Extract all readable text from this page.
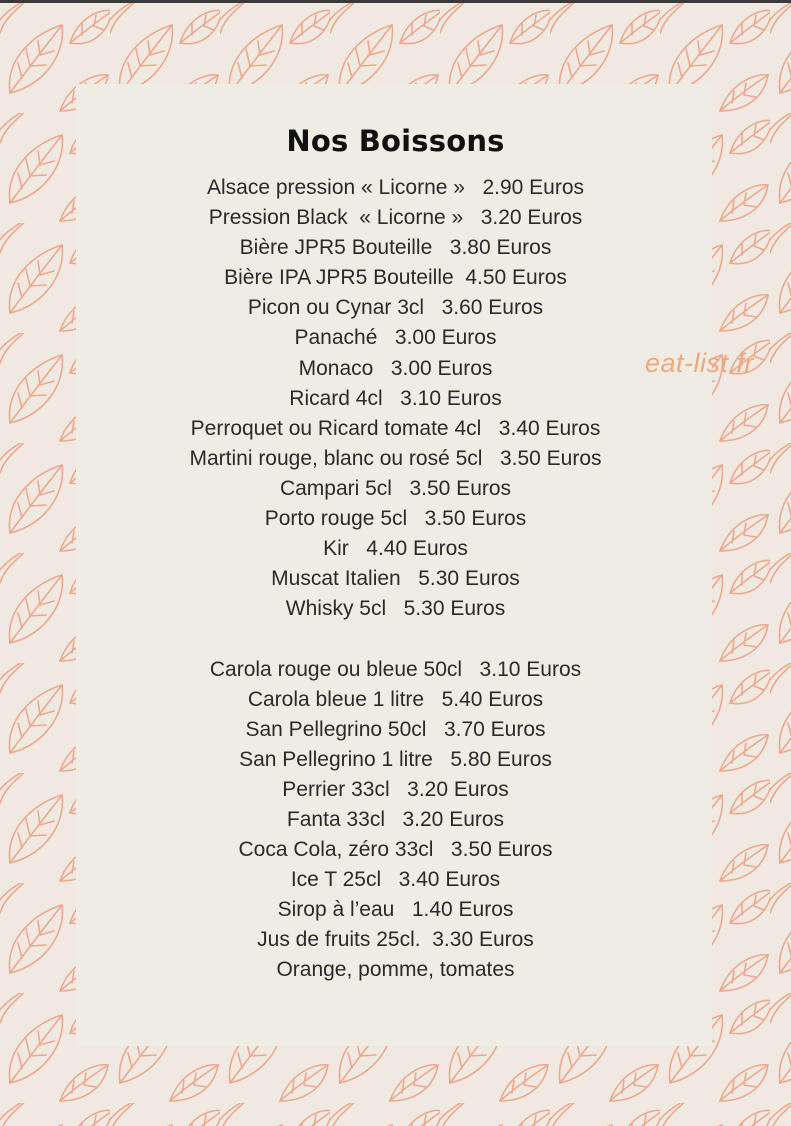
Nos Boissons
Alsace pression « Licorne »   2.90 Euros
Pression Black  « Licorne »   3.20 Euros
Bière JPR5 Bouteille   3.80 Euros
Bière IPA JPR5 Bouteille  4.50 Euros
Picon ou Cynar 3cl   3.60 Euros
Panaché   3.00 Euros
Monaco   3.00 Euros
Ricard 4cl   3.10 Euros
Perroquet ou Ricard tomate 4cl   3.40 Euros
Martini rouge, blanc ou rosé 5cl   3.50 Euros
Campari 5cl   3.50 Euros
Porto rouge 5cl   3.50 Euros
Kir   4.40 Euros
Muscat Italien   5.30 Euros
Whisky 5cl   5.30 Euros
Carola rouge ou bleue 50cl   3.10 Euros
Carola bleue 1 litre   5.40 Euros
San Pellegrino 50cl   3.70 Euros
San Pellegrino 1 litre   5.80 Euros
Perrier 33cl   3.20 Euros
Fanta 33cl   3.20 Euros
Coca Cola, zéro 33cl   3.50 Euros
Ice T 25cl   3.40 Euros
Sirop à l’eau   1.40 Euros
Jus de fruits 25cl.  3.30 Euros
Orange, pomme, tomates
eat-list.fr
